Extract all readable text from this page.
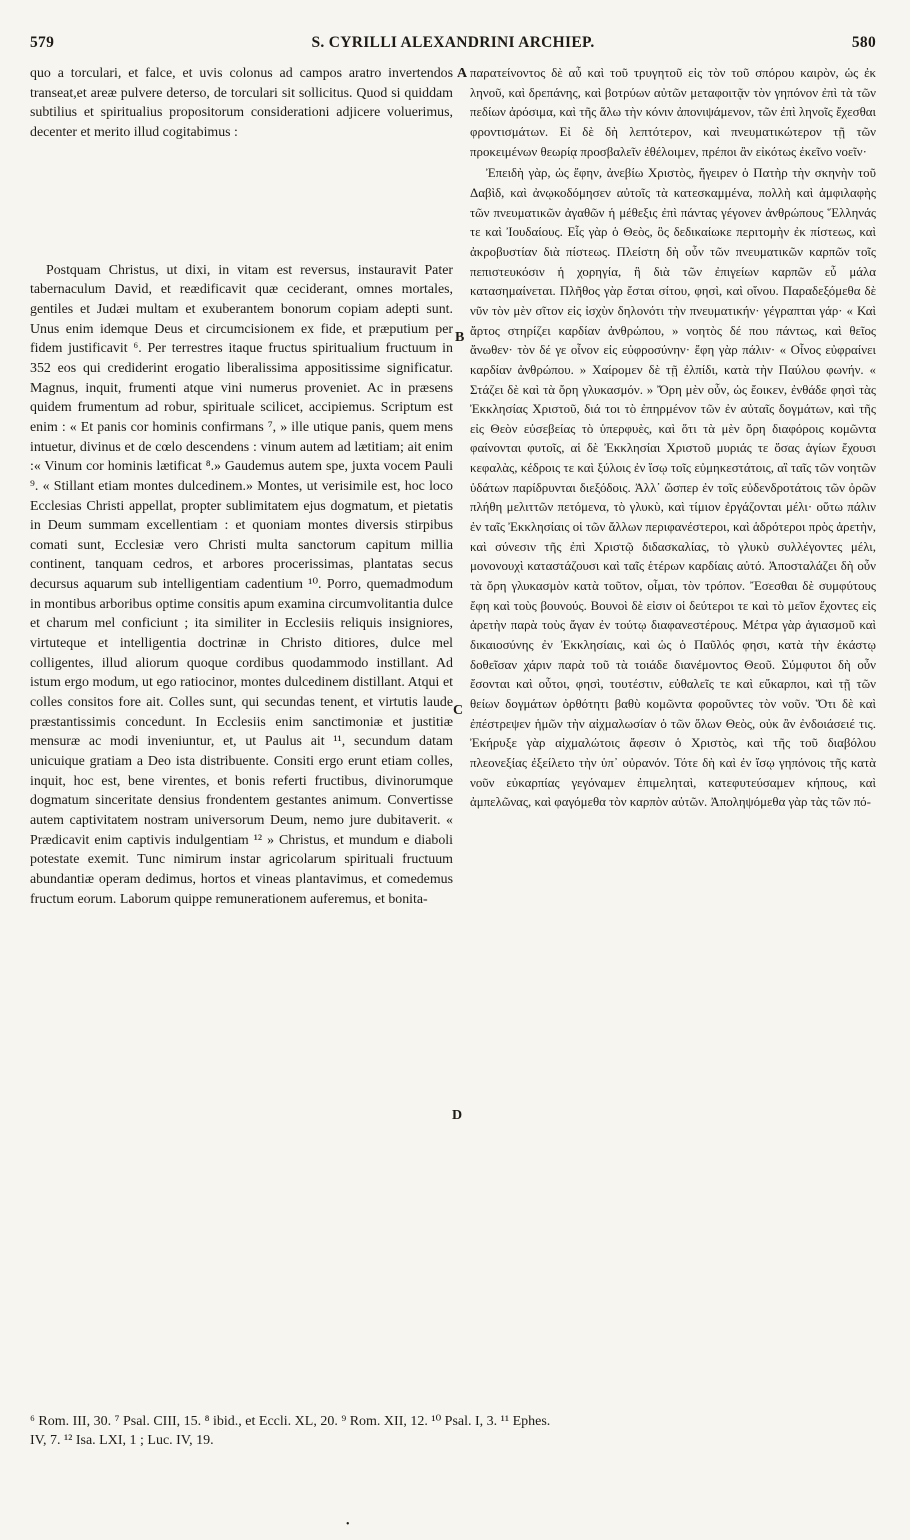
579	S. CYRILLI ALEXANDRINI ARCHIEP.	580

quo a torculari, et falce, et uvis colonus ad campos aratro invertendos transeat,et areæ pulvere deterso, de torculari sit sollicitus. Quod si quiddam subtilius et spiritualius propositorum considerationi adjicere voluerimus, decenter et merito illud cogitabimus :

Postquam Christus, ut dixi, in vitam est reversus, instauravit Pater tabernaculum David, et reædificavit quæ ceciderant, omnes mortales, gentiles et Judæi multam et exuberantem bonorum copiam adepti sunt. Unus enim idemque Deus et circumcisionem ex fide, et præputium per fidem justificavit ⁶. Per terrestres itaque fructus spiritualium fructuum in 352 eos qui crediderint erogatio liberalissima appositissime significatur. Magnus, inquit, frumenti atque vini numerus proveniet. Ac in præsens quidem frumentum ad robur, spirituale scilicet, accipiemus. Scriptum est enim : « Et panis cor hominis confirmans ⁷, » ille utique panis, quem mens intuetur, divinus et de cœlo descendens : vinum autem ad lætitiam; ait enim :« Vinum cor hominis lætificat ⁸.» Gaudemus autem spe, juxta vocem Pauli ⁹. « Stillant etiam montes dulcedinem.» Montes, ut verisimile est, hoc loco Ecclesias Christi appellat, propter sublimitatem ejus dogmatum, et pietatis in Deum summam excellentiam : et quoniam montes diversis stirpibus comati sunt, Ecclesiæ vero Christi multa sanctorum capitum millia continent, tanquam cedros, et arbores procerissimas, plantatas secus decursus aquarum sub intelligentiam cadentium ¹⁰. Porro, quemadmodum in montibus arboribus optime consitis apum examina circumvolitantia dulce et charum mel conficiunt ; ita similiter in Ecclesiis reliquis insigniores, virtuteque et intelligentia doctrinæ in Christo ditiores, dulce mel colligentes, illud aliorum quoque cordibus quodammodo instillant. Ad istum ergo modum, ut ego ratiocinor, montes dulcedinem distillant. Atqui et colles consitos fore ait. Colles sunt, qui secundas tenent, et virtutis laude præstantissimis concedunt. In Ecclesiis enim sanctimoniæ et justitiæ mensuræ ac modi inveniuntur, et, ut Paulus ait ¹¹, secundum datam unicuique gratiam a Deo ista distribuente. Consiti ergo erunt etiam colles, inquit, hoc est, bene virentes, et bonis referti fructibus, divinorumque dogmatum sinceritate densius frondentem gestantes animum. Convertisse autem captivitatem nostram universorum Deum, nemo jure dubitaverit. « Prædicavit enim captivis indulgentiam ¹² » Christus, et mundum e diaboli potestate exemit. Tunc nimirum instar agricolarum spirituali fructuum abundantiæ operam dedimus, hortos et vineas plantavimus, et comedemus fructum eorum. Laborum quippe remunerationem auferemus, et bonita-

A
B
C
D

παρατείνοντος δὲ αὖ καὶ τοῦ τρυγητοῦ εἰς τὸν τοῦ σπόρου καιρὸν, ὡς ἐκ ληνοῦ, καὶ δρεπάνης, καὶ βοτρύων αὐτῶν μεταφοιτᾷν τὸν γηπόνον ἐπὶ τὰ τῶν πεδίων ἀρόσιμα, καὶ τῆς ἅλω τὴν κόνιν ἀπονιψάμενον, τῶν ἐπὶ ληνοῖς ἔχεσθαι φροντισμάτων. Εἰ δὲ δὴ λεπτότερον, καὶ πνευματικώτερον τῇ τῶν προκειμένων θεωρίᾳ προσβαλεῖν ἐθέλοιμεν, πρέποι ἂν εἰκότως ἐκεῖνο νοεῖν·

Ἐπειδὴ γὰρ, ὡς ἔφην, ἀνεβίω Χριστὸς, ἤγειρεν ὁ Πατὴρ τὴν σκηνὴν τοῦ Δαβὶδ, καὶ ἀνῳκοδόμησεν αὐτοῖς τὰ κατεσκαμμένα, πολλὴ καὶ ἀμφιλαφὴς τῶν πνευματικῶν ἀγαθῶν ἡ μέθεξις ἐπὶ πάντας γέγονεν ἀνθρώπους Ἕλληνάς τε καὶ Ἰουδαίους. Εἷς γὰρ ὁ Θεὸς, ὃς δεδικαίωκε περιτομὴν ἐκ πίστεως, καὶ ἀκροβυστίαν διὰ πίστεως. Πλείστη δὴ οὖν τῶν πνευματικῶν καρπῶν τοῖς πεπιστευκόσιν ἡ χορηγία, ἣ διὰ τῶν ἐπιγείων καρπῶν εὖ μάλα κατασημαίνεται. Πλῆθος γὰρ ἔσται σίτου, φησὶ, καὶ οἴνου. Παραδεξόμεθα δὲ νῦν τὸν μὲν σῖτον εἰς ἰσχὺν δηλονότι τὴν πνευματικήν· γέγραπται γάρ· « Καὶ ἄρτος στηρίζει καρδίαν ἀνθρώπου, » νοητὸς δέ που πάντως, καὶ θεῖος ἄνωθεν· τὸν δέ γε οἶνον εἰς εὐφροσύνην· ἔφη γὰρ πάλιν· « Οἶνος εὐφραίνει καρδίαν ἀνθρώπου. » Χαίρομεν δὲ τῇ ἐλπίδι, κατὰ τὴν Παύλου φωνήν. « Στάζει δὲ καὶ τὰ ὄρη γλυκασμόν. » Ὄρη μὲν οὖν, ὡς ἔοικεν, ἐνθάδε φησὶ τὰς Ἐκκλησίας Χριστοῦ, διά τοι τὸ ἐπηρμένον τῶν ἐν αὐταῖς δογμάτων, καὶ τῆς εἰς Θεὸν εὐσεβείας τὸ ὑπερφυὲς, καὶ ὅτι τὰ μὲν ὄρη διαφόροις κομῶντα φαίνονται φυτοῖς, αἱ δὲ Ἐκκλησίαι Χριστοῦ μυριάς τε ὅσας ἁγίων ἔχουσι κεφαλὰς, κέδροις τε καὶ ξύλοις ἐν ἴσῳ τοῖς εὐμηκεστάτοις, αἳ ταῖς τῶν νοητῶν ὑδάτων παρίδρυνται διεξόδοις. Ἀλλ᾽ ὥσπερ ἐν τοῖς εὐδενδροτάτοις τῶν ὀρῶν πλήθη μελιττῶν πετόμενα, τὸ γλυκὺ, καὶ τίμιον ἐργάζονται μέλι· οὕτω πάλιν ἐν ταῖς Ἐκκλησίαις οἱ τῶν ἄλλων περιφανέστεροι, καὶ ἁδρότεροι πρὸς ἀρετὴν, καὶ σύνεσιν τῆς ἐπὶ Χριστῷ διδασκαλίας, τὸ γλυκὺ συλλέγοντες μέλι, μονονουχὶ καταστάζουσι καὶ ταῖς ἑτέρων καρδίαις αὐτό. Ἀποσταλάζει δὴ οὖν τὰ ὄρη γλυκασμὸν κατὰ τοῦτον, οἶμαι, τὸν τρόπον. Ἔσεσθαι δὲ συμφύτους ἔφη καὶ τοὺς βουνούς. Βουνοὶ δὲ εἰσιν οἱ δεύτεροι τε καὶ τὸ μεῖον ἔχοντες εἰς ἀρετὴν παρὰ τοὺς ἄγαν ἐν τούτῳ διαφανεστέρους. Μέτρα γὰρ ἁγιασμοῦ καὶ δικαιοσύνης ἐν Ἐκκλησίαις, καὶ ὡς ὁ Παῦλός φησι, κατὰ τὴν ἑκάστῳ δοθεῖσαν χάριν παρὰ τοῦ τὰ τοιάδε διανέμοντος Θεοῦ. Σύμφυτοι δὴ οὖν ἔσονται καὶ οὗτοι, φησὶ, τουτέστιν, εὐθαλεῖς τε καὶ εὔκαρποι, καὶ τῇ τῶν θείων δογμάτων ὀρθότητι βαθὺ κομῶντα φοροῦντες τὸν νοῦν. Ὅτι δὲ καὶ ἐπέστρεψεν ἡμῶν τὴν αἰχμαλωσίαν ὁ τῶν ὅλων Θεὸς, οὐκ ἂν ἐνδοιάσειέ τις. Ἐκήρυξε γὰρ αἰχμαλώτοις ἄφεσιν ὁ Χριστὸς, καὶ τῆς τοῦ διαβόλου πλεονεξίας ἐξείλετο τὴν ὑπ᾽ οὐρανόν. Τότε δὴ καὶ ἐν ἴσῳ γηπόνοις τῆς κατὰ νοῦν εὐκαρπίας γεγόναμεν ἐπιμεληταὶ, κατεφυτεύσαμεν κήπους, καὶ ἀμπελῶνας, καὶ φαγόμεθα τὸν καρπὸν αὐτῶν. Ἀποληψόμεθα γὰρ τὰς τῶν πό-

⁶ Rom. III, 30. ⁷ Psal. CIII, 15. ⁸ ibid., et Eccli. XL, 20. ⁹ Rom. XII, 12. ¹⁰ Psal. I, 3. ¹¹ Ephes.

IV, 7. ¹² Isa. LXI, 1 ; Luc. IV, 19.

•
